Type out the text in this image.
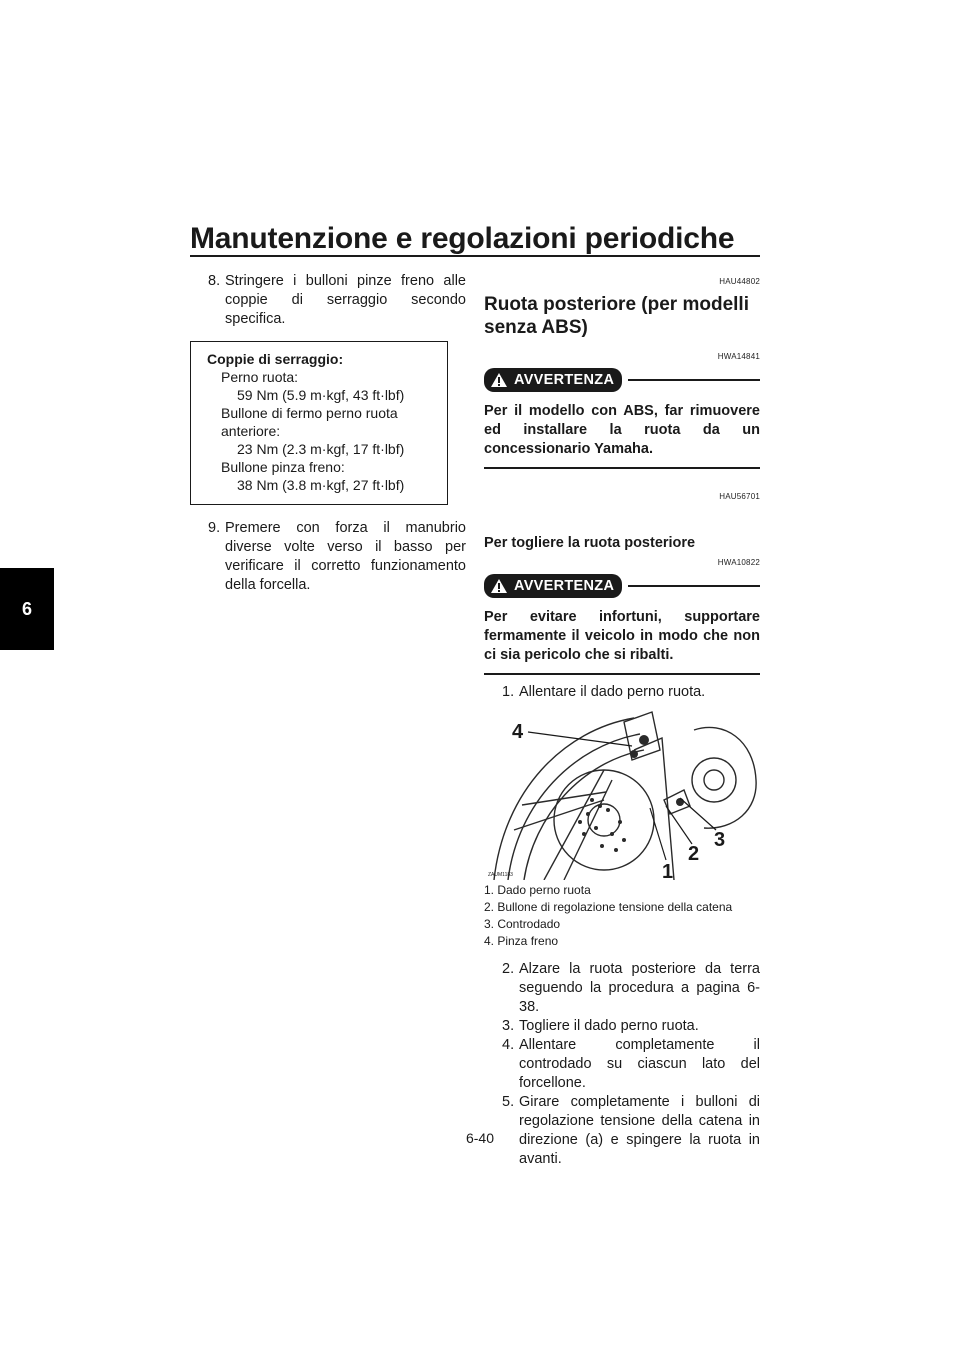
Manutenzione e regolazioni periodiche
6
8. Stringere i bulloni pinze freno alle coppie di serraggio secondo specifica.
Coppie di serraggio:
Perno ruota:
59 Nm (5.9 m·kgf, 43 ft·lbf)
Bullone di fermo perno ruota anteriore:
23 Nm (2.3 m·kgf, 17 ft·lbf)
Bullone pinza freno:
38 Nm (3.8 m·kgf, 27 ft·lbf)
9. Premere con forza il manubrio diverse volte verso il basso per verificare il corretto funzionamento della forcella.
HAU44802
Ruota posteriore (per modelli senza ABS)
HWA14841
AVVERTENZA
Per il modello con ABS, far rimuovere ed installare la ruota da un concessionario Yamaha.
HAU56701
Per togliere la ruota posteriore
HWA10822
AVVERTENZA
Per evitare infortuni, supportare fermamente il veicolo in modo che non ci sia pericolo che si ribalti.
1. Allentare il dado perno ruota.
4
1
2
3
ZAUM1183
1. Dado perno ruota
2. Bullone di regolazione tensione della catena
3. Controdado
4. Pinza freno
2. Alzare la ruota posteriore da terra seguendo la procedura a pagina 6-38.
3. Togliere il dado perno ruota.
4. Allentare completamente il controdado su ciascun lato del forcellone.
5. Girare completamente i bulloni di regolazione tensione della catena in direzione (a) e spingere la ruota in avanti.
6-40
